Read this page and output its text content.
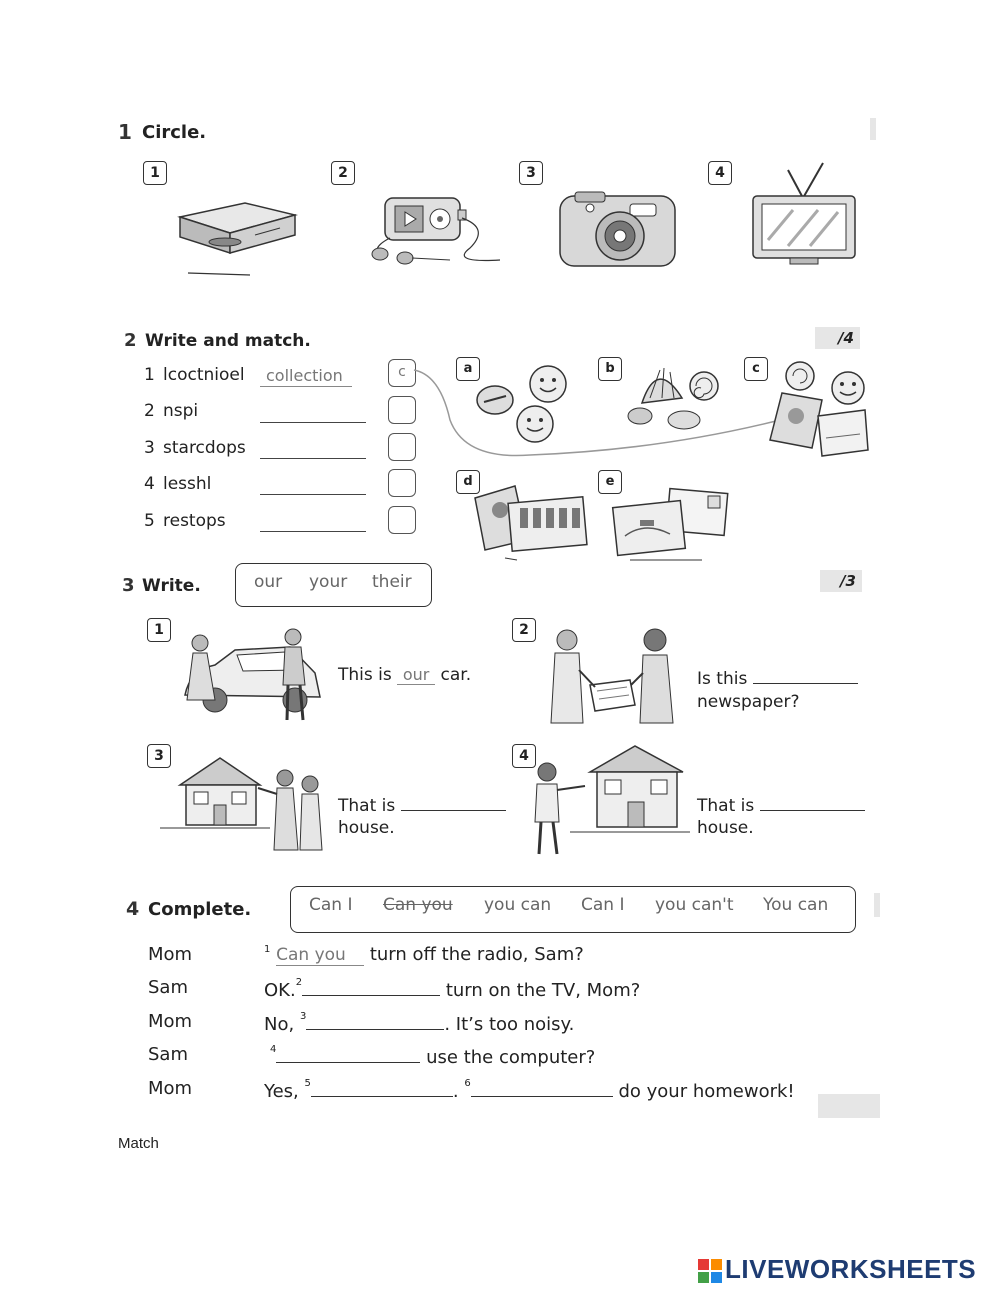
1 Circle.
1	2	3	4
2 Write and match.	/4
1 lcoctnioel collection	c
2 nspi
3 starcdops
4 lesshl
5 restops
a	b	c
d	e
3 Write.	our your their	/3
1	2
3	4
This is our car.	Is this
newspaper?
That is
house.
That is
house.
4 Complete.	Can I Can you you can Can I you can't You can
Mom	$^1$ Can you turn off the radio, Sam?
Sam	OK.$^2$	turn on the TV, Mom?
Mom	No, $^3$	. It’s too noisy.
Sam	$^4$	use the computer?
Mom	Yes, $^5$	. $^6$	do your homework!
Match
LIVEWORKSHEETS
